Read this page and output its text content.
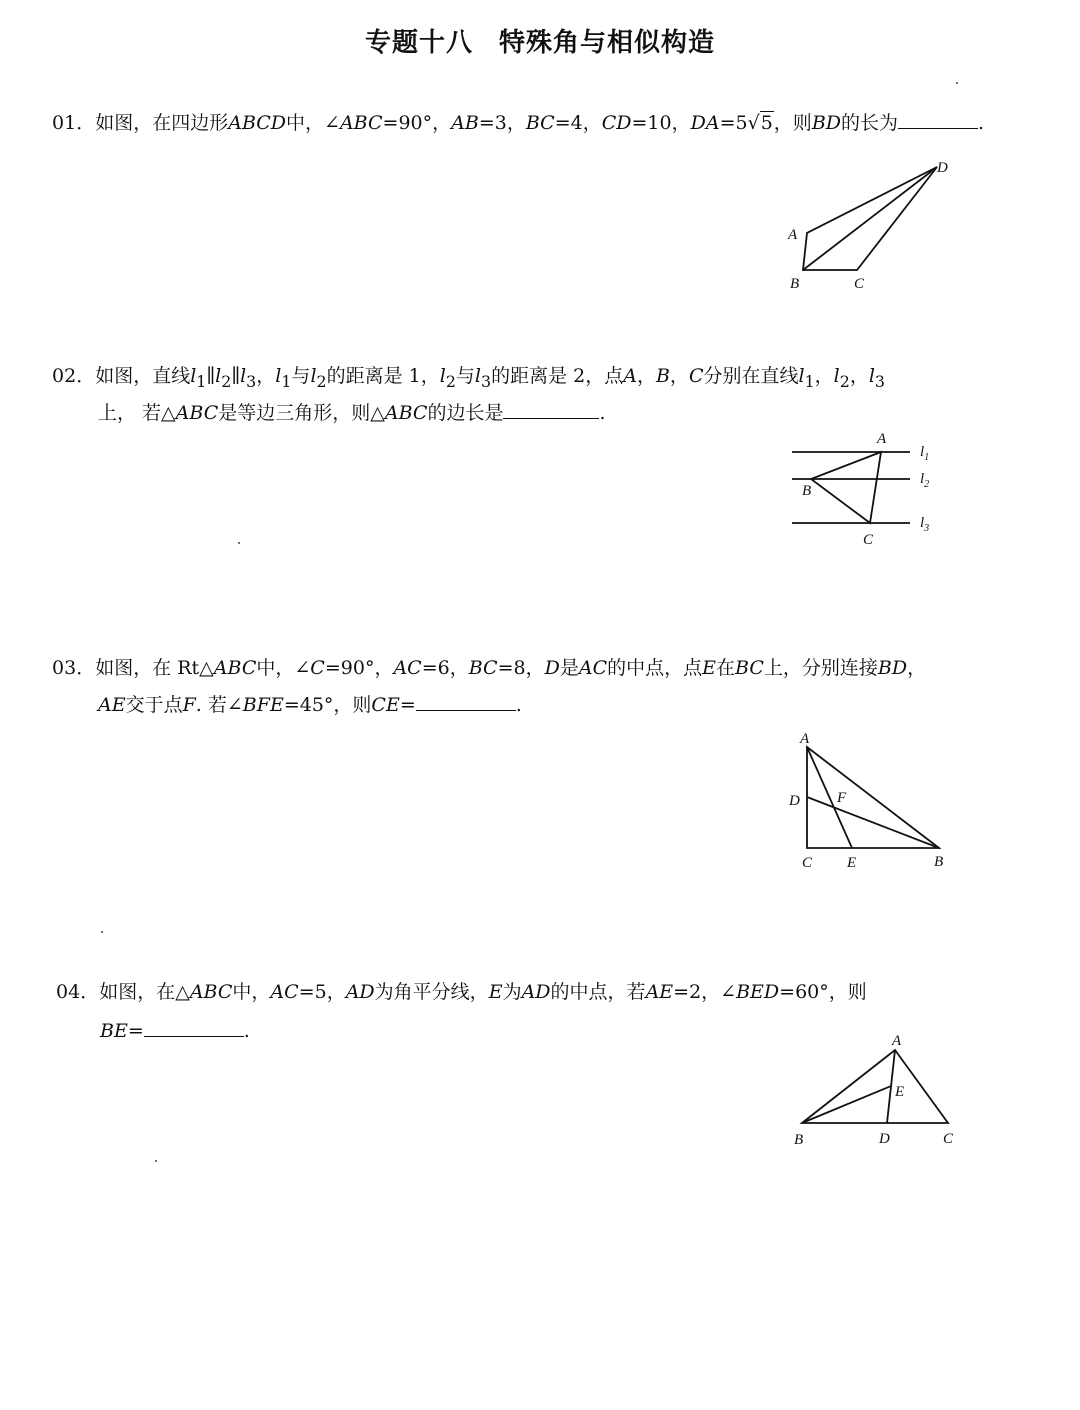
专题十八 特殊角与相似构造
01．如图，在四边形ABCD中，∠ABC=90°，AB=3，BC=4，CD=10，DA=5√5，则BD的长为	.
A
B	C
D
02．如图，直线$l_1\parallel l_2\parallel l_3$，$l_1$与$l_2$的距离是 1，$l_2$与$l_3$的距离是 2，点A，B，C分别在直线$l_1$，$l_2$，$l_3$
上， 若△ABC是等边三角形，则△ABC的边长是	.
A
B
C
$l_1$
$l_2$
$l_3$
03．如图，在 Rt△ABC中，∠C=90°，AC=6，BC=8，D是AC的中点，点E在BC上，分别连接BD，
AE交于点F. 若∠BFE=45°，则CE=	.
A
D F
C E	B
04．如图，在△ABC中，AC=5，AD为角平分线，E为AD的中点，若AE=2，∠BED=60°，则
BE=	.	A
E
B	D	C
